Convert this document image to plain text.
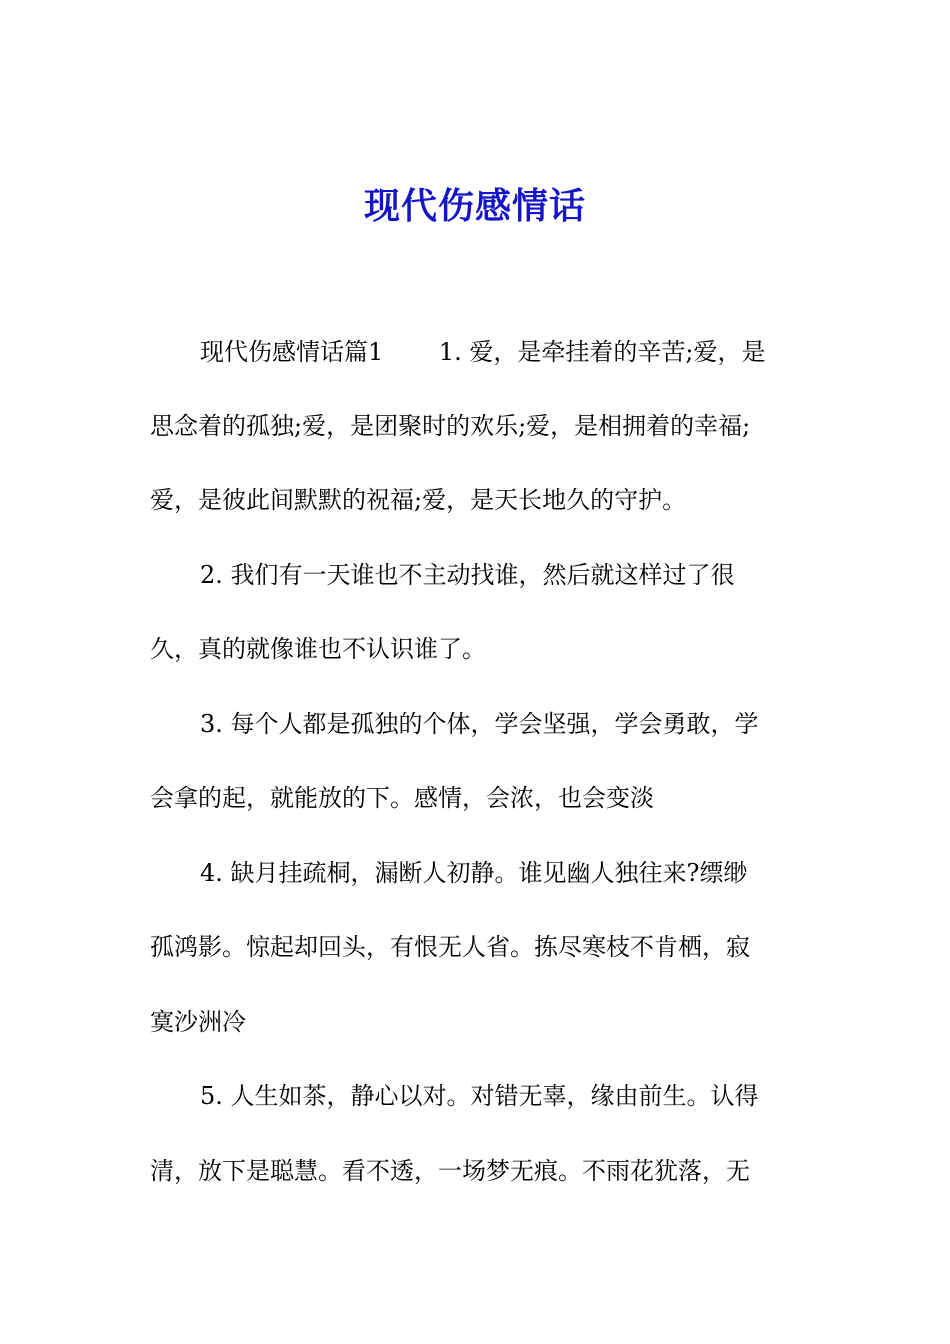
现代伤感情话

现代伤感情话篇1　　 1. 爱，是牵挂着的辛苦;爱，是

思念着的孤独;爱，是团聚时的欢乐;爱，是相拥着的幸福;

爱，是彼此间默默的祝福;爱，是天长地久的守护。

2. 我们有一天谁也不主动找谁，然后就这样过了很

久，真的就像谁也不认识谁了。

3. 每个人都是孤独的个体，学会坚强，学会勇敢，学

会拿的起，就能放的下。感情，会浓，也会变淡

4. 缺月挂疏桐，漏断人初静。谁见幽人独往来?缥缈

孤鸿影。惊起却回头，有恨无人省。拣尽寒枝不肯栖，寂

寞沙洲冷

5. 人生如茶，静心以对。对错无辜，缘由前生。认得

清，放下是聪慧。看不透，一场梦无痕。不雨花犹落，无
